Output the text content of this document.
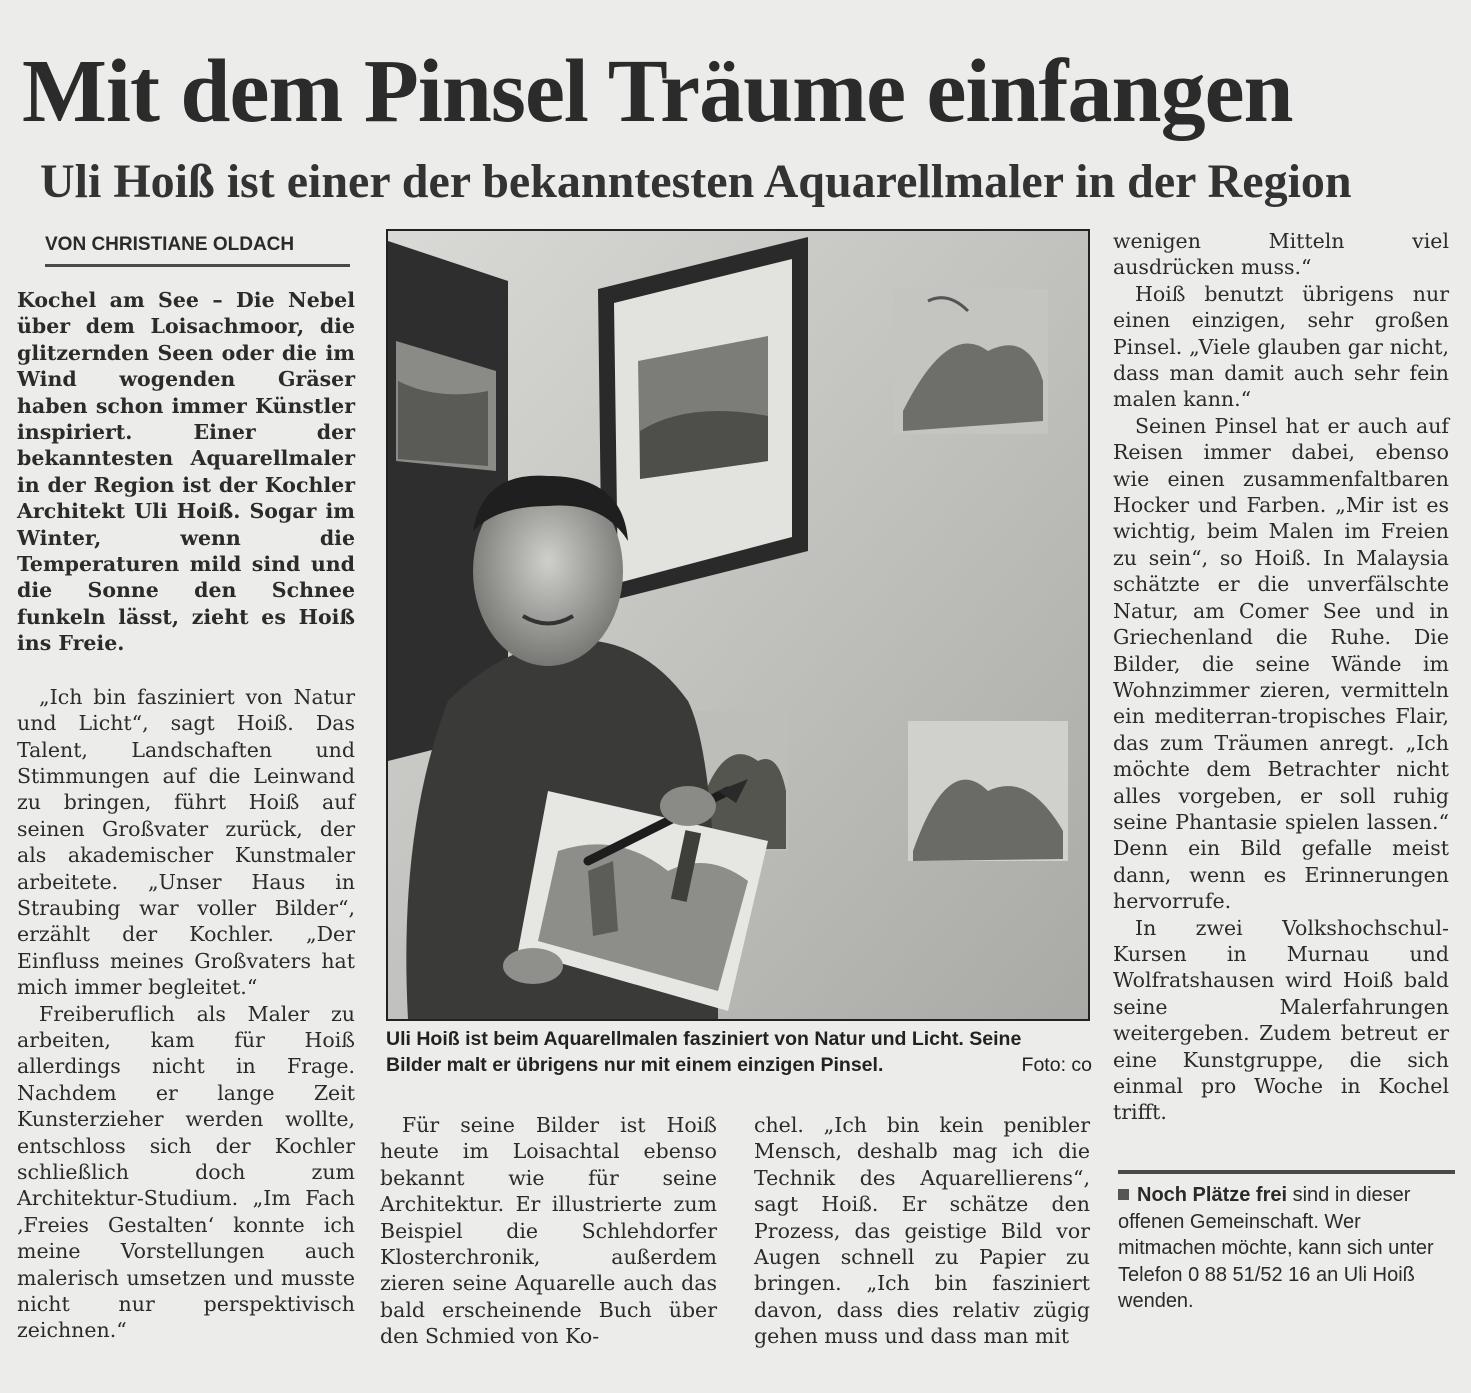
Mit dem Pinsel Träume einfangen
Uli Hoiß ist einer der bekanntesten Aquarellmaler in der Region
VON CHRISTIANE OLDACH

Kochel am See – Die Nebel über dem Loisachmoor, die glitzernden Seen oder die im Wind wogenden Gräser haben schon immer Künstler inspiriert. Einer der bekanntesten Aquarellmaler in der Region ist der Kochler Architekt Uli Hoiß. Sogar im Winter, wenn die Temperaturen mild sind und die Sonne den Schnee funkeln lässt, zieht es Hoiß ins Freie.

„Ich bin fasziniert von Natur und Licht“, sagt Hoiß. Das Talent, Landschaften und Stimmungen auf die Leinwand zu bringen, führt Hoiß auf seinen Großvater zurück, der als akademischer Kunstmaler arbeitete. „Unser Haus in Straubing war voller Bilder“, erzählt der Kochler. „Der Einfluss meines Großvaters hat mich immer begleitet.“

Freiberuflich als Maler zu arbeiten, kam für Hoiß allerdings nicht in Frage. Nachdem er lange Zeit Kunsterzieher werden wollte, entschloss sich der Kochler schließlich doch zum Architektur-Studium. „Im Fach ‚Freies Gestalten‘ konnte ich meine Vorstellungen auch malerisch umsetzen und musste nicht nur perspektivisch zeichnen.“

Uli Hoiß ist beim Aquarellmalen fasziniert von Natur und Licht. Seine
Bilder malt er übrigens nur mit einem einzigen Pinsel.	Foto: co

Für seine Bilder ist Hoiß heute im Loisachtal ebenso bekannt wie für seine Architektur. Er illustrierte zum Beispiel die Schlehdorfer Klosterchronik, außerdem zieren seine Aquarelle auch das bald erscheinende Buch über den Schmied von Ko-

chel. „Ich bin kein penibler Mensch, deshalb mag ich die Technik des Aquarellierens“, sagt Hoiß. Er schätze den Prozess, das geistige Bild vor Augen schnell zu Papier zu bringen. „Ich bin fasziniert davon, dass dies relativ zügig gehen muss und dass man mit

wenigen Mitteln viel ausdrücken muss.“

Hoiß benutzt übrigens nur einen einzigen, sehr großen Pinsel. „Viele glauben gar nicht, dass man damit auch sehr fein malen kann.“

Seinen Pinsel hat er auch auf Reisen immer dabei, ebenso wie einen zusammenfaltbaren Hocker und Farben. „Mir ist es wichtig, beim Malen im Freien zu sein“, so Hoiß. In Malaysia schätzte er die unverfälschte Natur, am Comer See und in Griechenland die Ruhe. Die Bilder, die seine Wände im Wohnzimmer zieren, vermitteln ein mediterran-tropisches Flair, das zum Träumen anregt. „Ich möchte dem Betrachter nicht alles vorgeben, er soll ruhig seine Phantasie spielen lassen.“ Denn ein Bild gefalle meist dann, wenn es Erinnerungen hervorrufe.

In zwei Volkshochschul-Kursen in Murnau und Wolfratshausen wird Hoiß bald seine Malerfahrungen weitergeben. Zudem betreut er eine Kunstgruppe, die sich einmal pro Woche in Kochel trifft.

Noch Plätze frei sind in dieser offenen Gemeinschaft. Wer mitmachen möchte, kann sich unter Telefon 0 88 51/52 16 an Uli Hoiß wenden.
